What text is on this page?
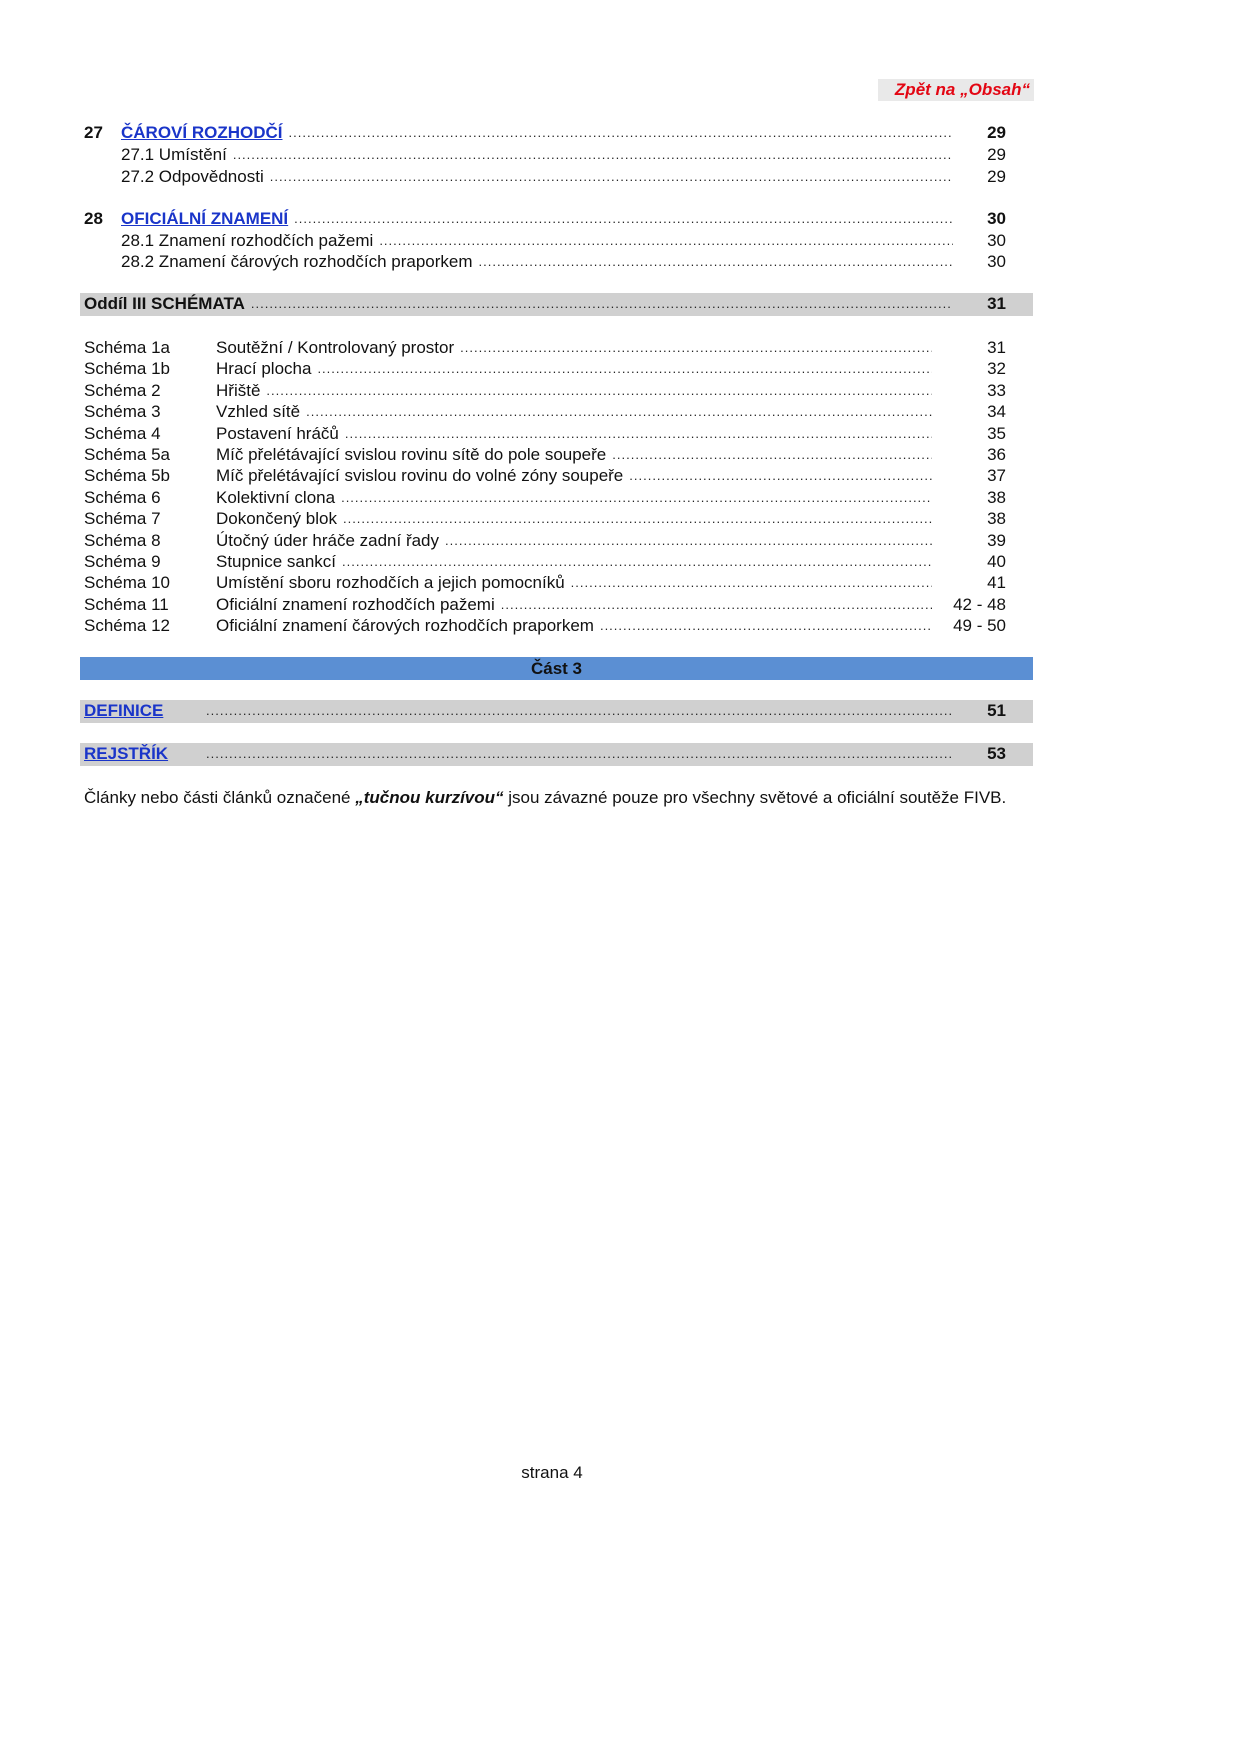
Zpět na „Obsah“
27 ČÁROVÍ ROZHODČÍ .....	29
27.1 Umístění .....	29
27.2 Odpovědnosti .....	29
28 OFICIÁLNÍ ZNAMENÍ .....	30
28.1 Znamení rozhodčích pažemi .....	30
28.2 Znamení čárových rozhodčích praporkem .....	30
Oddíl III SCHÉMATA .....	31
Schéma 1a	Soutěžní / Kontrolovaný prostor .....	31
Schéma 1b	Hrací plocha .....	32
Schéma 2	Hřiště .....	33
Schéma 3	Vzhled sítě .....	34
Schéma 4	Postavení hráčů .....	35
Schéma 5a	Míč přelétávající svislou rovinu sítě do pole soupeře .....	36
Schéma 5b	Míč přelétávající svislou rovinu do volné zóny soupeře .....	37
Schéma 6	Kolektivní clona .....	38
Schéma 7	Dokončený blok .....	38
Schéma 8	Útočný úder hráče zadní řady .....	39
Schéma 9	Stupnice sankcí .....	40
Schéma 10	Umístění sboru rozhodčích a jejich pomocníků .....	41
Schéma 11	Oficiální znamení rozhodčích pažemi .....	42 - 48
Schéma 12	Oficiální znamení čárových rozhodčích praporkem .....	49 - 50
Část 3
DEFINICE .....	51
REJSTŘÍK .....	53
Články nebo části článků označené „tučnou kurzívou“ jsou závazné pouze pro všechny světové a oficiální soutěže FIVB.
strana 4
